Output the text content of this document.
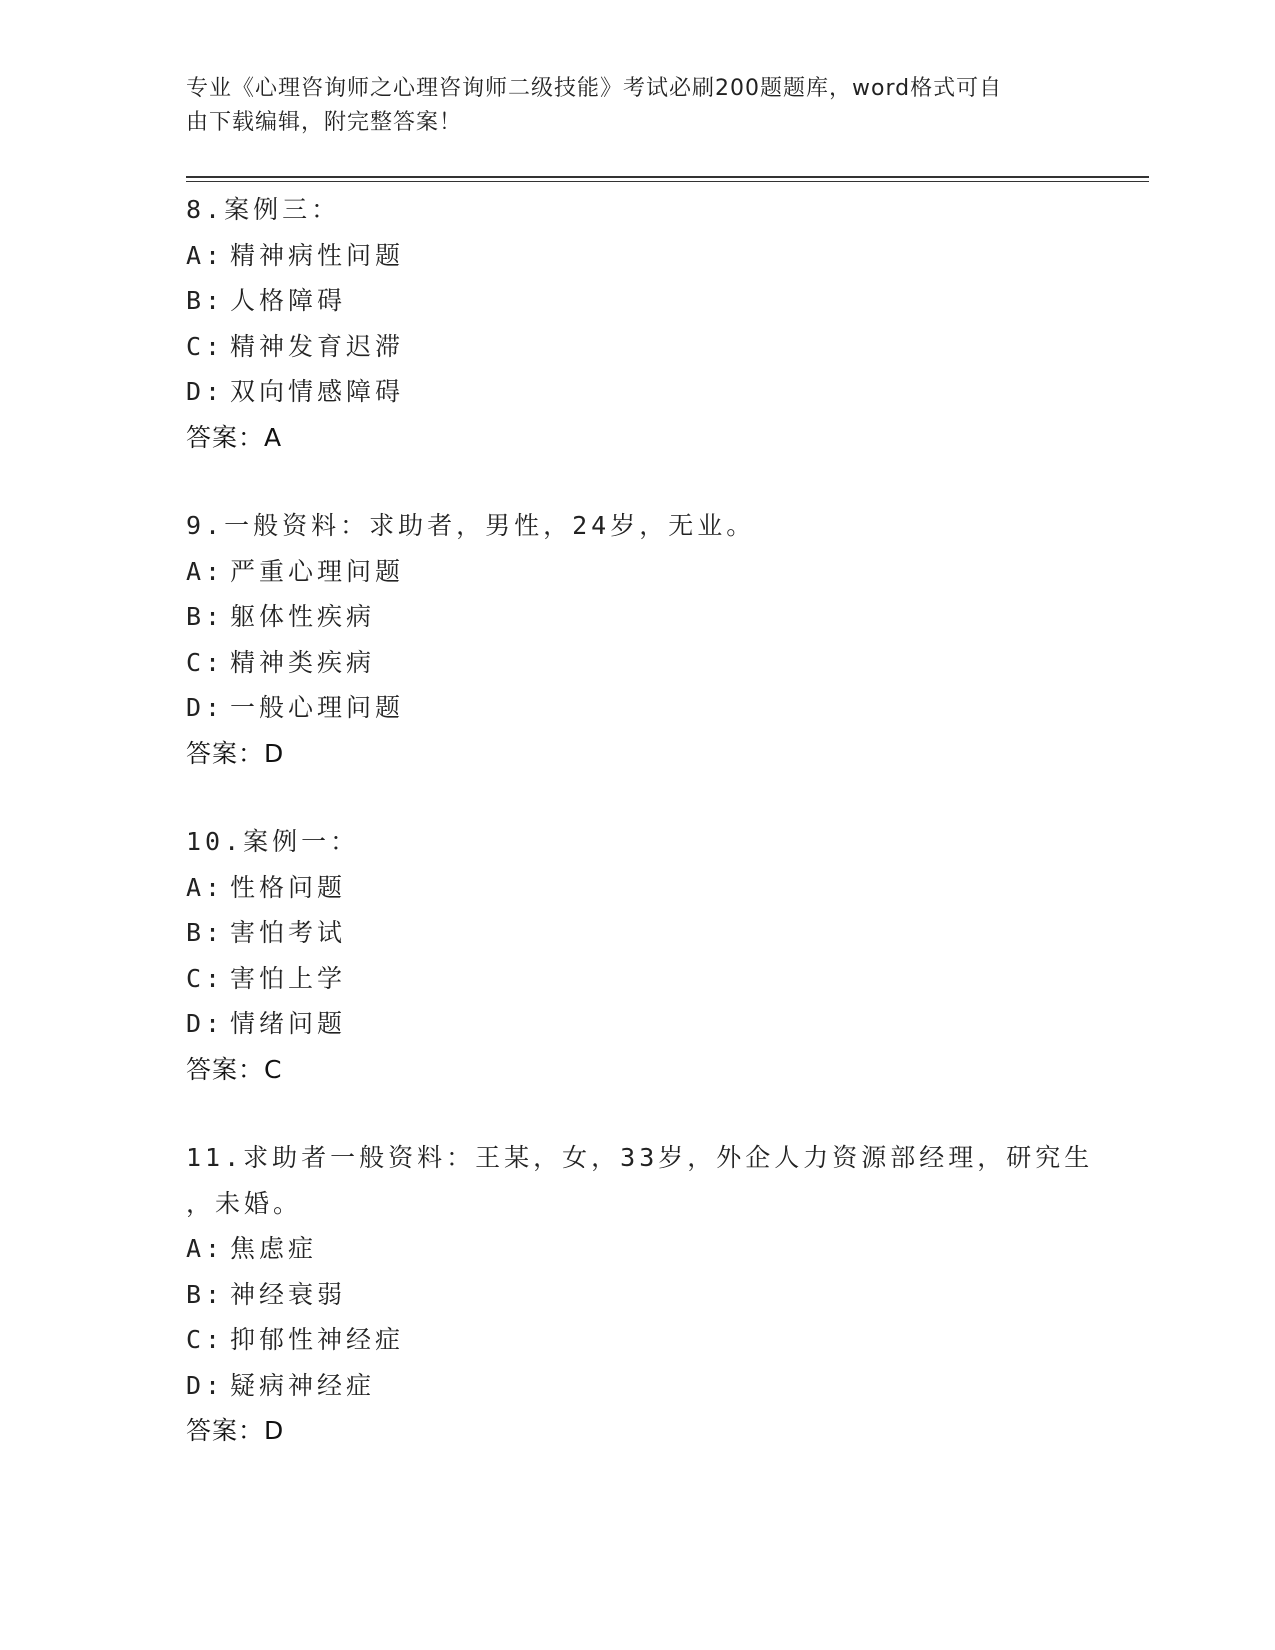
专业《心理咨询师之心理咨询师二级技能》考试必刷200题题库，word格式可自
由下载编辑，附完整答案！
8.案例三：
A: 精神病性问题
B: 人格障碍
C: 精神发育迟滞
D: 双向情感障碍
答案：A
9.一般资料：求助者，男性，24岁，无业。
A: 严重心理问题
B: 躯体性疾病
C: 精神类疾病
D: 一般心理问题
答案：D
10.案例一：
A: 性格问题
B: 害怕考试
C: 害怕上学
D: 情绪问题
答案：C
11.求助者一般资料：王某，女，33岁，外企人力资源部经理，研究生
，未婚。
A: 焦虑症
B: 神经衰弱
C: 抑郁性神经症
D: 疑病神经症
答案：D
